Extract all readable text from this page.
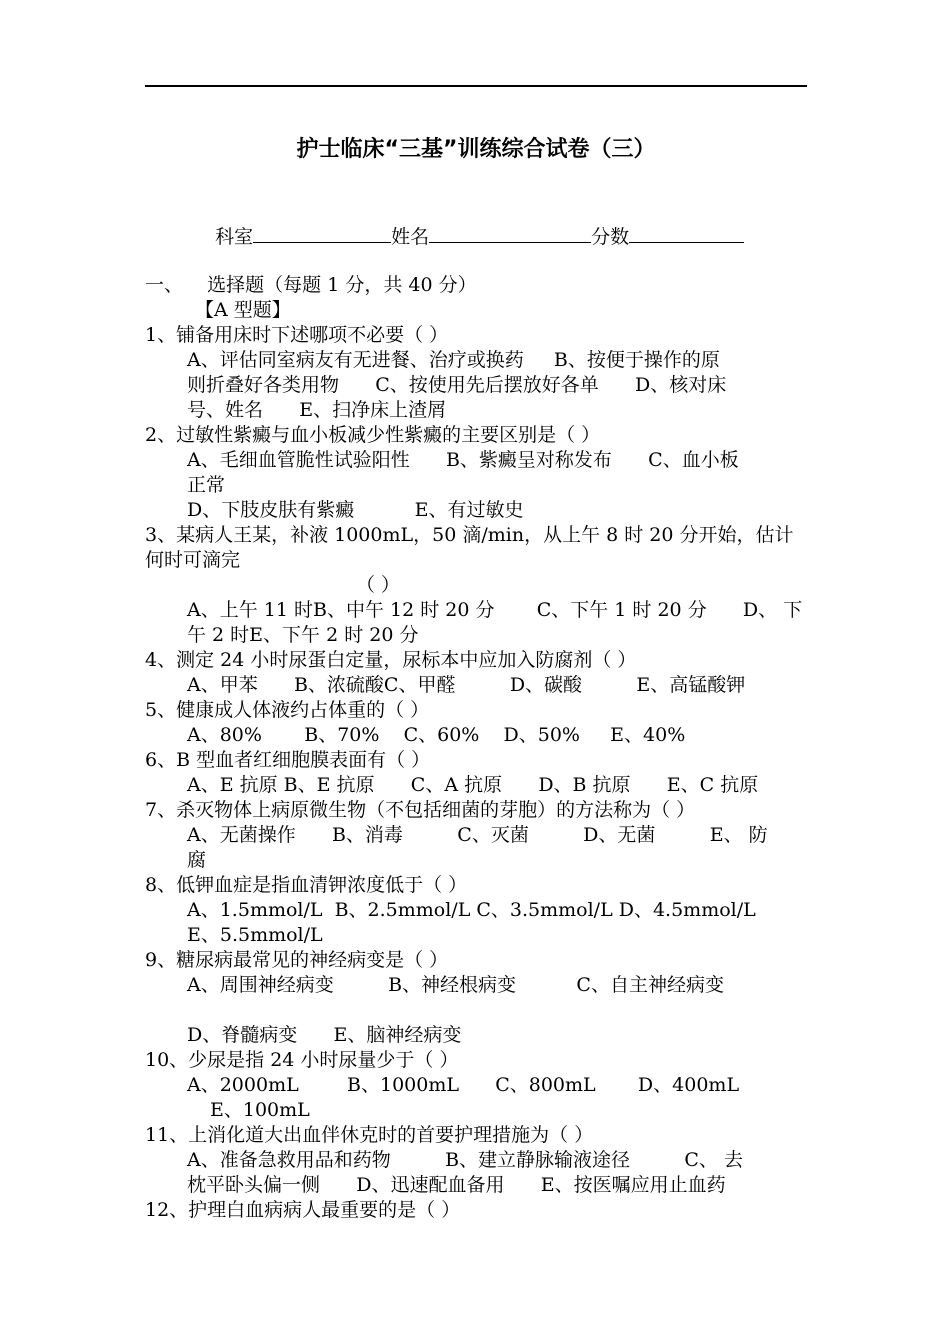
护士临床“三基”训练综合试卷（三）

科室	姓名	分数

一、    选择题（每题 1 分，共 40 分）
【A 型题】
1、铺备用床时下述哪项不必要（ ）
A、评估同室病友有无进餐、治疗或换药     B、按便于操作的原
则折叠好各类用物      C、按使用先后摆放好各单      D、核对床
号、姓名      E、扫净床上渣屑
2、过敏性紫癜与血小板减少性紫癜的主要区别是（ ）
A、毛细血管脆性试验阳性      B、紫癜呈对称发布      C、血小板
正常
D、下肢皮肤有紫癜          E、有过敏史
3、某病人王某，补液 1000mL，50 滴/min，从上午 8 时 20 分开始，估计
何时可滴完
（ ）
A、上午 11 时B、中午 12 时 20 分       C、下午 1 时 20 分      D、 下
午 2 时E、下午 2 时 20 分
4、测定 24 小时尿蛋白定量，尿标本中应加入防腐剂（ ）
A、甲苯      B、浓硫酸C、甲醛         D、碳酸         E、高锰酸钾
5、健康成人体液约占体重的（ ）
A、80%       B、70%    C、60%    D、50%     E、40%
6、B 型血者红细胞膜表面有（ ）
A、E 抗原 B、E 抗原      C、A 抗原      D、B 抗原      E、C 抗原
7、杀灭物体上病原微生物（不包括细菌的芽胞）的方法称为（ ）
A、无菌操作      B、消毒         C、灭菌         D、无菌         E、 防
腐
8、低钾血症是指血清钾浓度低于（ ）
A、1.5mmol/L  B、2.5mmol/L C、3.5mmol/L D、4.5mmol/L
E、5.5mmol/L
9、糖尿病最常见的神经病变是（ ）
A、周围神经病变         B、神经根病变          C、自主神经病变
D、脊髓病变      E、脑神经病变
10、少尿是指 24 小时尿量少于（ ）
A、2000mL        B、1000mL      C、800mL       D、400mL
E、100mL
11、上消化道大出血伴休克时的首要护理措施为（ ）
A、准备急救用品和药物         B、建立静脉输液途径         C、 去
枕平卧头偏一侧      D、迅速配血备用      E、按医嘱应用止血药
12、护理白血病病人最重要的是（ ）
